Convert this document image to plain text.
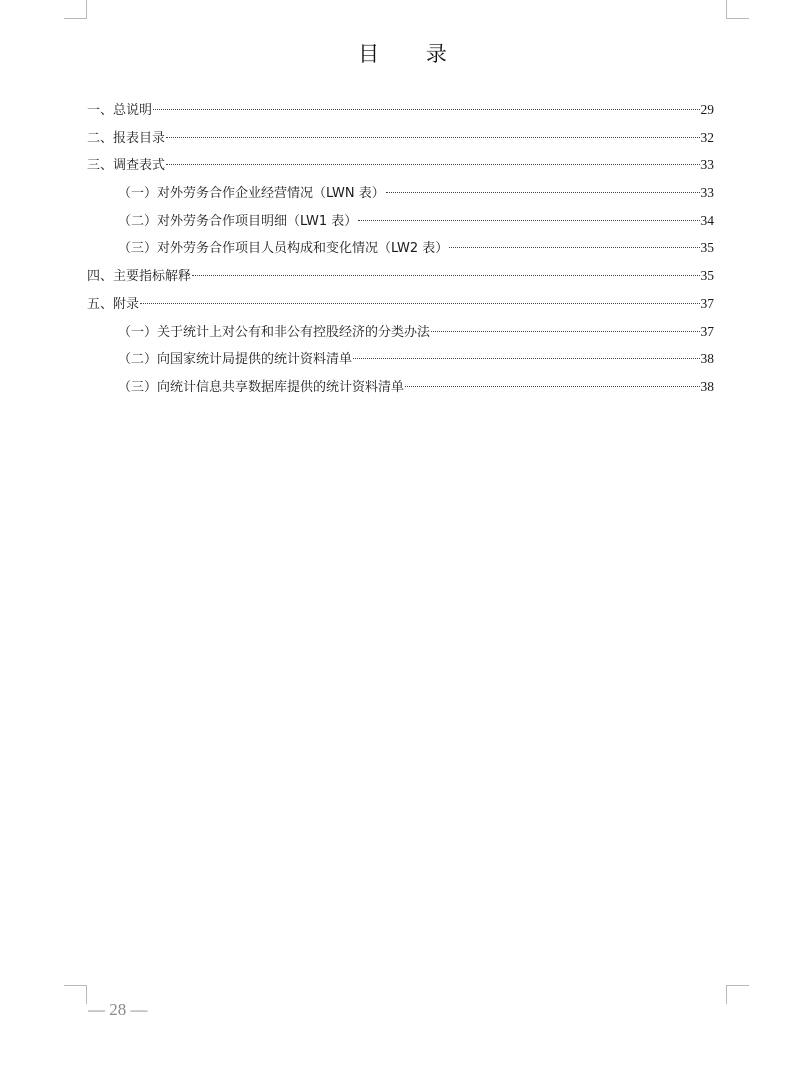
目 录
一、总说明	29
二、报表目录	32
三、调查表式	33
（一）对外劳务合作企业经营情况（LWN 表）	33
（二）对外劳务合作项目明细（LW1 表）	34
（三）对外劳务合作项目人员构成和变化情况（LW2 表）	35
四、主要指标解释	35
五、附录	37
（一）关于统计上对公有和非公有控股经济的分类办法	37
（二）向国家统计局提供的统计资料清单	38
（三）向统计信息共享数据库提供的统计资料清单	38
— 28 —
